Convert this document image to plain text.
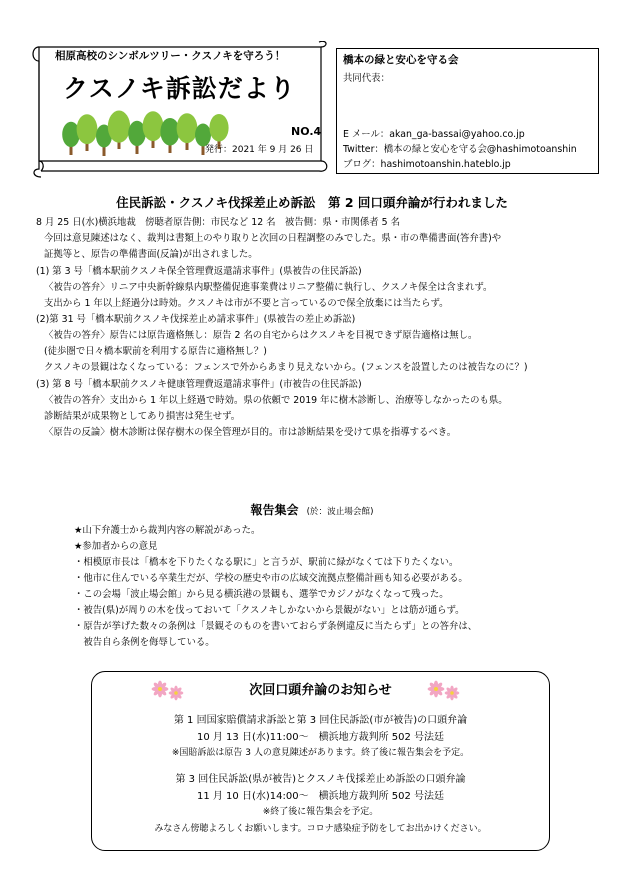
相原高校のシンボルツリー・クスノキを守ろう！
クスノキ訴訟だより
NO.4
発行：2021 年 9 月 26 日
橋本の緑と安心を守る会
共同代表：
E メール：akan_ga-bassai@yahoo.co.jp
Twitter：橋本の緑と安心を守る会@hashimotoanshin
ブログ：hashimotoanshin.hateblo.jp
住民訴訟・クスノキ伐採差止め訴訟　第 2 回口頭弁論が行われました
8 月 25 日(水)横浜地裁　傍聴者原告側：市民など 12 名　被告側：県・市関係者 5 名
今回は意見陳述はなく、裁判は書類上のやり取りと次回の日程調整のみでした。県・市の準備書面(答弁書)や
証拠等と、原告の準備書面(反論)が出されました。
(1) 第 3 号「橋本駅前クスノキ保全管理費返還請求事件」(県被告の住民訴訟)
〈被告の答弁〉リニア中央新幹線県内駅整備促進事業費はリニア整備に執行し、クスノキ保全は含まれず。
支出から 1 年以上経過分は時効。クスノキは市が不要と言っているので保全放棄には当たらず。
(2)第 31 号「橋本駅前クスノキ伐採差止め請求事件」(県被告の差止め訴訟)
〈被告の答弁〉原告には原告適格無し：原告 2 名の自宅からはクスノキを目視できず原告適格は無し。
(徒歩圏で日々橋本駅前を利用する原告に適格無し？)
クスノキの景観はなくなっている：フェンスで外からあまり見えないから。(フェンスを設置したのは被告なのに？)
(3) 第 8 号「橋本駅前クスノキ健康管理費返還請求事件」(市被告の住民訴訟)
〈被告の答弁〉支出から 1 年以上経過で時効。県の依頼で 2019 年に樹木診断し、治療等しなかったのも県。
診断結果が成果物としてあり損害は発生せず。
〈原告の反論〉樹木診断は保存樹木の保全管理が目的。市は診断結果を受けて県を指導するべき。
報告集会 (於：波止場会館)
★山下弁護士から裁判内容の解説があった。
★参加者からの意見
・相模原市長は「橋本を下りたくなる駅に」と言うが、駅前に緑がなくては下りたくない。
・他市に住んでいる卒業生だが、学校の歴史や市の広域交流拠点整備計画も知る必要がある。
・この会場「波止場会館」から見る横浜港の景観も、選挙でカジノがなくなって残った。
・被告(県)が周りの木を伐っておいて「クスノキしかないから景観がない」とは筋が通らず。
・原告が挙げた数々の条例は「景観そのものを書いておらず条例違反に当たらず」との答弁は、
　被告自ら条例を侮辱している。
次回口頭弁論のお知らせ
第 1 回国家賠償請求訴訟と第 3 回住民訴訟(市が被告)の口頭弁論
10 月 13 日(水)11:00～　横浜地方裁判所 502 号法廷
※国賠訴訟は原告 3 人の意見陳述があります。終了後に報告集会を予定。
第 3 回住民訴訟(県が被告)とクスノキ伐採差止め訴訟の口頭弁論
11 月 10 日(水)14:00～　横浜地方裁判所 502 号法廷
※終了後に報告集会を予定。
みなさん傍聴よろしくお願いします。コロナ感染症予防をしてお出かけください。
